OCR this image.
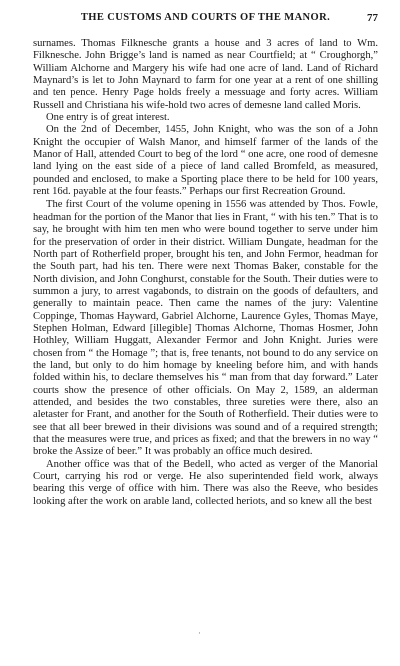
THE CUSTOMS AND COURTS OF THE MANOR.	77

surnames. Thomas Filknesche grants a house and 3 acres of land to Wm. Filknesche. John Brigge’s land is named as near Courtfield; at “ Croughorgh,” William Alchorne and Margery his wife had one acre of land. Land of Richard Maynard’s is let to John Maynard to farm for one year at a rent of one shilling and ten pence. Henry Page holds freely a messuage and forty acres. William Russell and Christiana his wife-hold two acres of demesne land called Moris.

One entry is of great interest.

On the 2nd of December, 1455, John Knight, who was the son of a John Knight the occupier of Walsh Manor, and himself farmer of the lands of the Manor of Hall, attended Court to beg of the lord “ one acre, one rood of demesne land lying on the east side of a piece of land called Bromfeld, as measured, pounded and enclosed, to make a Sporting place there to be held for 100 years, rent 16d. payable at the four feasts.” Perhaps our first Recreation Ground.

The first Court of the volume opening in 1556 was attended by Thos. Fowle, headman for the portion of the Manor that lies in Frant, “ with his ten.” That is to say, he brought with him ten men who were bound together to serve under him for the preservation of order in their district. William Dungate, headman for the North part of Rotherfield proper, brought his ten, and John Fermor, headman for the South part, had his ten. There were next Thomas Baker, constable for the North division, and John Conghurst, constable for the South. Their duties were to summon a jury, to arrest vagabonds, to distrain on the goods of defaulters, and generally to maintain peace. Then came the names of the jury: Valentine Coppinge, Thomas Hayward, Gabriel Alchorne, Laurence Gyles, Thomas Maye, Stephen Holman, Edward [illegible] Thomas Alchorne, Thomas Hosmer, John Hothley, William Huggatt, Alexander Fermor and John Knight. Juries were chosen from “ the Homage ”; that is, free tenants, not bound to do any service on the land, but only to do him homage by kneeling before him, and with hands folded within his, to declare themselves his “ man from that day forward.” Later courts show the presence of other officials. On May 2, 1589, an alderman attended, and besides the two constables, three sureties were there, also an aletaster for Frant, and another for the South of Rotherfield. Their duties were to see that all beer brewed in their divisions was sound and of a required strength; that the measures were true, and prices as fixed; and that the brewers in no way “ broke the Assize of beer.” It was probably an office much desired.

Another office was that of the Bedell, who acted as verger of the Manorial Court, carrying his rod or verge. He also superintended field work, always bearing this verge of office with him. There was also the Reeve, who besides looking after the work on arable land, collected heriots, and so knew all the best

·
